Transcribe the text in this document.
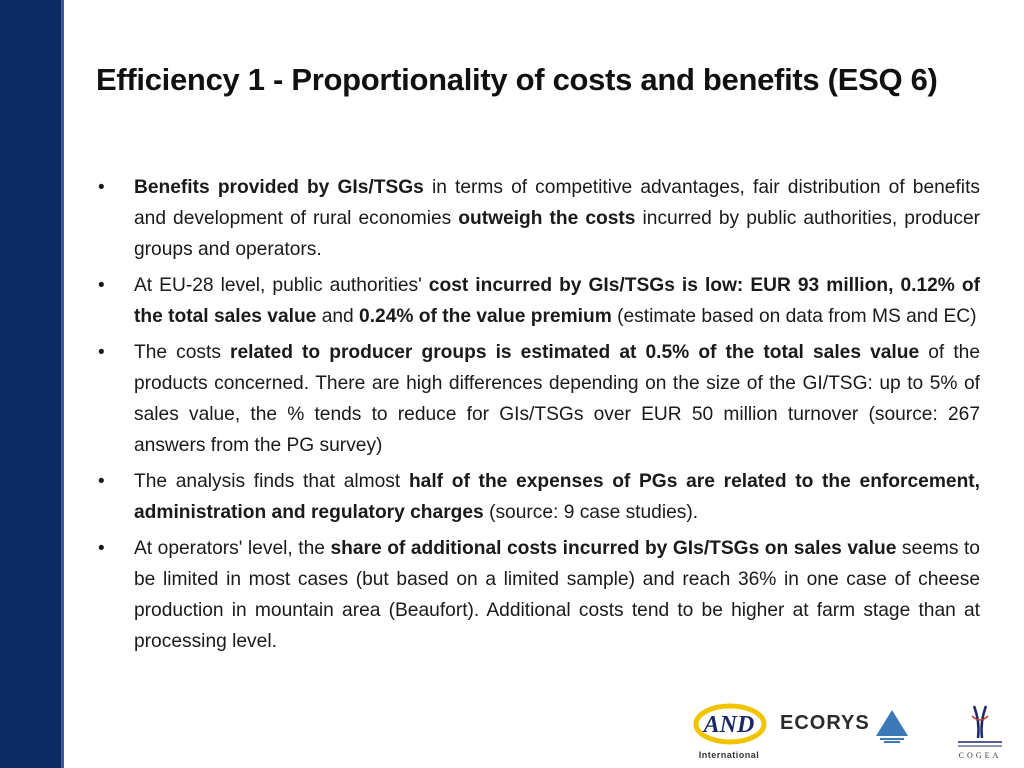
Efficiency 1 - Proportionality of costs and benefits (ESQ 6)
• Benefits provided by GIs/TSGs in terms of competitive advantages, fair distribution of benefits and development of rural economies outweigh the costs incurred by public authorities, producer groups and operators.
• At EU-28 level, public authorities' cost incurred by GIs/TSGs is low: EUR 93 million, 0.12% of the total sales value and 0.24% of the value premium (estimate based on data from MS and EC)
• The costs related to producer groups is estimated at 0.5% of the total sales value of the products concerned. There are high differences depending on the size of the GI/TSG: up to 5% of sales value, the % tends to reduce for GIs/TSGs over EUR 50 million turnover (source: 267 answers from the PG survey)
• The analysis finds that almost half of the expenses of PGs are related to the enforcement, administration and regulatory charges (source: 9 case studies).
• At operators' level, the share of additional costs incurred by GIs/TSGs on sales value seems to be limited in most cases (but based on a limited sample) and reach 36% in one case of cheese production in mountain area (Beaufort). Additional costs tend to be higher at farm stage than at processing level.
AND
International
ECORYS
COGEA
